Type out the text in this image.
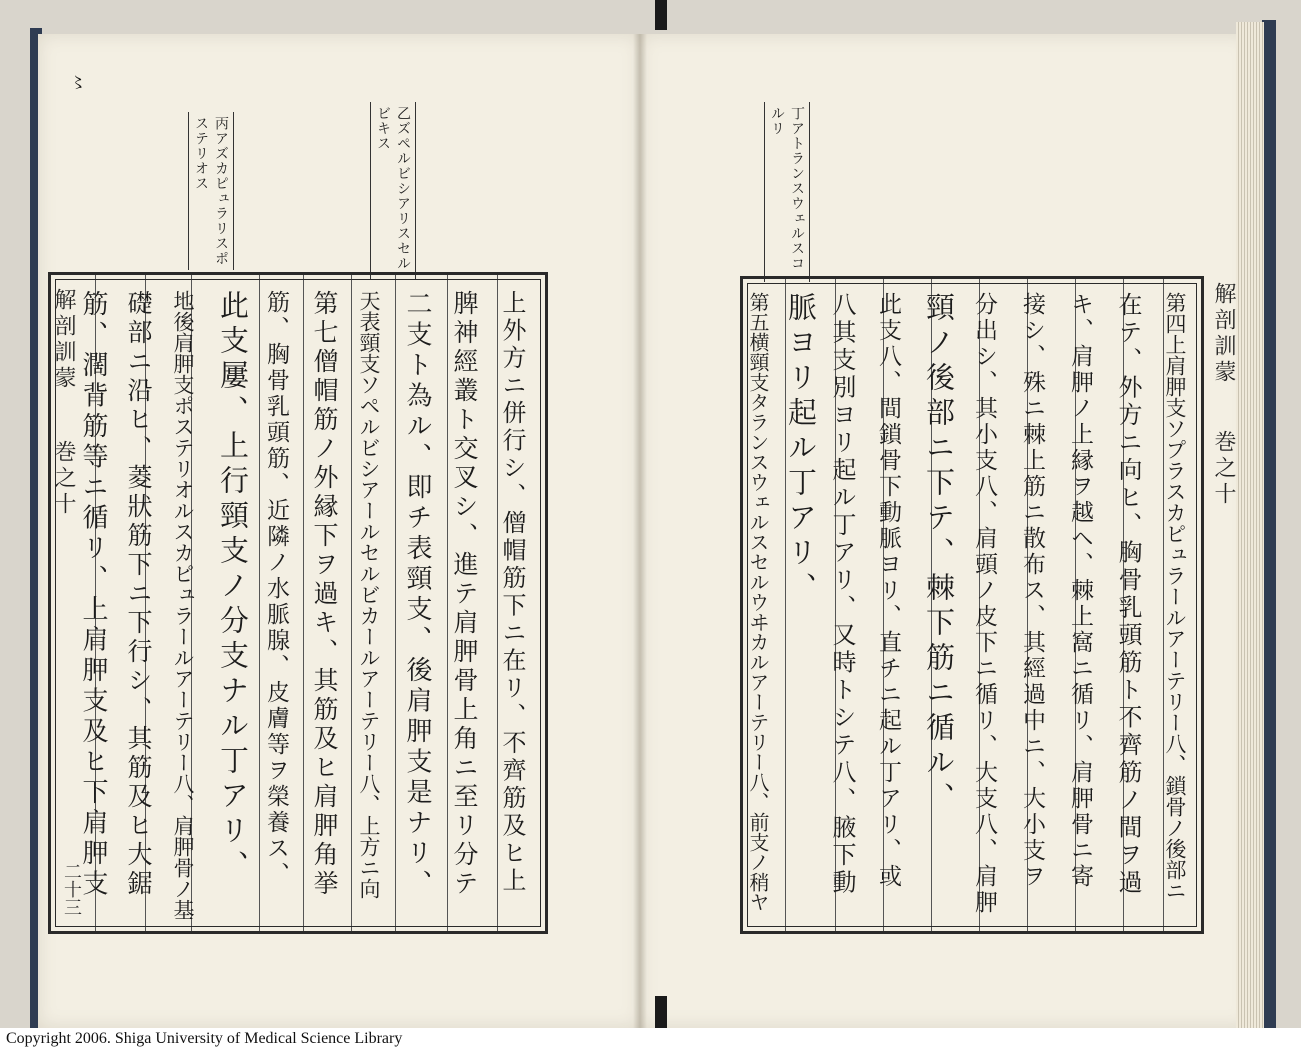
〻
丙アズカピュラリスポステリオス
乙ズペルビシアリスセルビキス
解剖訓蒙
巻之十
二十三	上外方ニ併行シ、僧帽筋下ニ在リ、不齊筋及ヒ上
脾神經叢ト交叉シ、進テ肩胛骨上角ニ至リ分テ
二支ト為ル、即チ表頸支、後肩胛支是ナリ、
天表頸支ソペルビシアールセルビカールアーテリー八、上方ニ向
第七僧帽筋ノ外縁下ヲ過キ、其筋及ヒ肩胛角挙
筋、胸骨乳頭筋、近隣ノ水脈腺、皮膚等ヲ榮養ス、
此支屢、上行頸支ノ分支ナル丁アリ、
地後肩胛支ポステリオルスカピュラールアーテリー八、肩胛骨ノ基
礎部ニ沿ヒ、菱狀筋下ニ下行シ、其筋及ヒ大鋸
筋、濶背筋等ニ循リ、上肩胛支及ヒ下肩胛支
丁アトランスウェルスコルリ
解剖訓蒙
巻之十
第四上肩胛支ソプラスカピュラールアーテリー八、鎖骨ノ後部ニ
在テ、外方ニ向ヒ、胸骨乳頭筋ト不齊筋ノ間ヲ過
キ、肩胛ノ上縁ヲ越ヘ、棘上窩ニ循リ、肩胛骨ニ寄
接シ、殊ニ棘上筋ニ散布ス、其經過中ニ、大小支ヲ
分出シ、其小支八、肩頭ノ皮下ニ循リ、大支八、肩胛
頸ノ後部ニ下テ、棘下筋ニ循ル、
此支八、間鎖骨下動脈ヨリ、直チニ起ル丁アリ、或
八其支別ヨリ起ル丁アリ、又時トシテ八、腋下動
脈ヨリ起ル丁アリ、
第五横頸支タランスウェルスセルウヰカルアーテリー八、前支ノ稍ヤ
Copyright 2006. Shiga University of Medical Science Library
